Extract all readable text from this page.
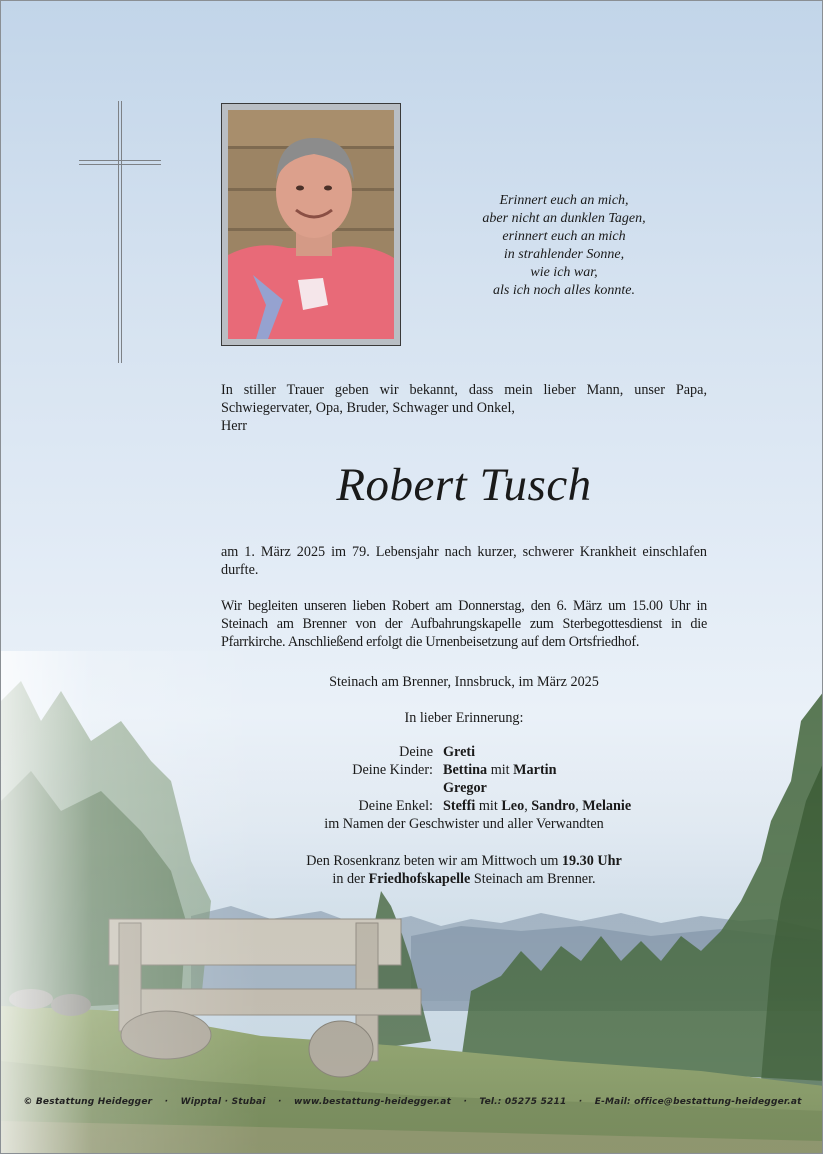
Erinnert euch an mich,
aber nicht an dunklen Tagen,
erinnert euch an mich
in strahlender Sonne,
wie ich war,
als ich noch alles konnte.
In stiller Trauer geben wir bekannt, dass mein lieber Mann, unser Papa,
Schwiegervater, Opa, Bruder, Schwager und Onkel,
Herr
Robert Tusch
am 1. März 2025 im 79. Lebensjahr nach kurzer, schwerer Krankheit einschlafen durfte.
Wir begleiten unseren lieben Robert am Donnerstag, den 6. März um 15.00 Uhr in Steinach am Brenner von der Aufbahrungskapelle zum Sterbegottesdienst in die Pfarrkirche. Anschließend erfolgt die Urnenbeisetzung auf dem Ortsfriedhof.
Steinach am Brenner, Innsbruck, im März 2025
In lieber Erinnerung:
Deine Greti
Deine Kinder: Bettina mit Martin
Gregor
Deine Enkel: Steffi mit Leo, Sandro, Melanie
im Namen der Geschwister und aller Verwandten
Den Rosenkranz beten wir am Mittwoch um 19.30 Uhr
in der Friedhofskapelle Steinach am Brenner.
© Bestattung Heidegger · Wipptal · Stubai · www.bestattung-heidegger.at · Tel.: 05275 5211 · E-Mail: office@bestattung-heidegger.at
